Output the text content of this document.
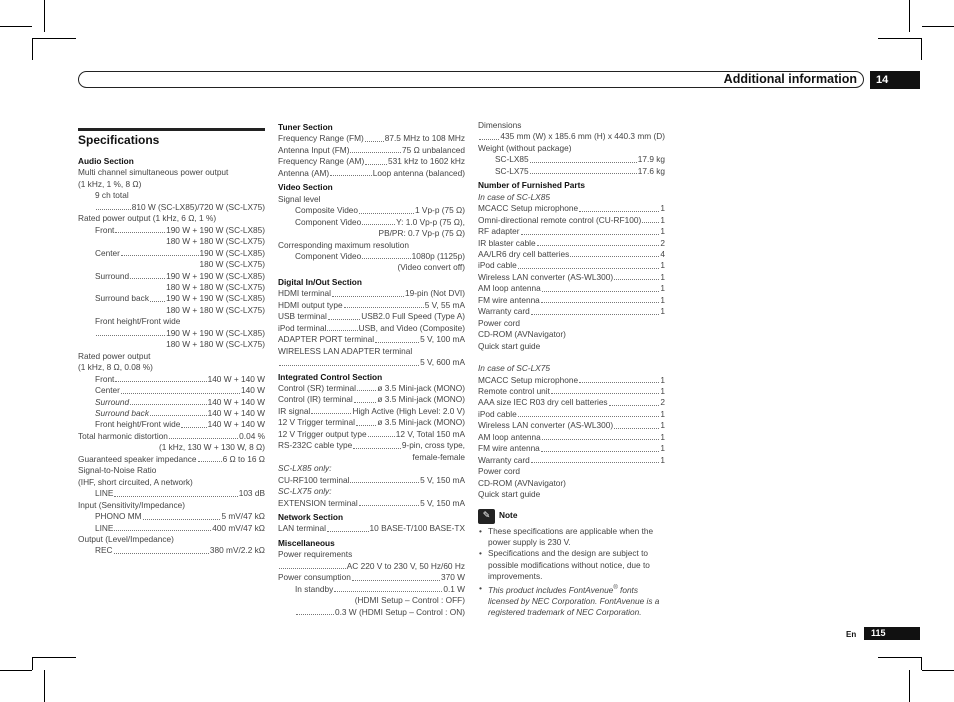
Additional information	14
Specifications
Audio Section
Multi channel simultaneous power output
(1 kHz, 1 %, 8 Ω)
9 ch total
810 W (SC-LX85)/720 W (SC-LX75)
Rated power output (1 kHz, 6 Ω, 1 %)
Front	190 W + 190 W (SC-LX85)
180 W + 180 W (SC-LX75)
Center	190 W (SC-LX85)
180 W (SC-LX75)
Surround	190 W + 190 W (SC-LX85)
180 W + 180 W (SC-LX75)
Surround back 190 W + 190 W (SC-LX85)
180 W + 180 W (SC-LX75)
Front height/Front wide
190 W + 190 W (SC-LX85)
180 W + 180 W (SC-LX75)
Rated power output
(1 kHz, 8 Ω, 0.08 %)
Front	140 W + 140 W
Center	140 W
Surround	140 W + 140 W
Surround back	140 W + 140 W
Front height/Front wide	140 W + 140 W
Total harmonic distortion	0.04 %
(1 kHz, 130 W + 130 W, 8 Ω)
Guaranteed speaker impedance	6 Ω to 16 Ω
Signal-to-Noise Ratio
(IHF, short circuited, A network)
LINE	103 dB
Input (Sensitivity/Impedance)
PHONO MM	5 mV/47 kΩ
LINE	400 mV/47 kΩ
Output (Level/Impedance)
REC	380 mV/2.2 kΩ
Tuner Section
Frequency Range (FM)	87.5 MHz to 108 MHz
Antenna Input (FM)	75 Ω unbalanced
Frequency Range (AM)	531 kHz to 1602 kHz
Antenna (AM)	Loop antenna (balanced)
Video Section
Signal level
Composite Video	1 Vp-p (75 Ω)
Component Video	Y: 1.0 Vp-p (75 Ω),
PB/PR: 0.7 Vp-p (75 Ω)
Corresponding maximum resolution
Component Video	1080p (1125p)
(Video convert off)
Digital In/Out Section
HDMI terminal	19-pin (Not DVI)
HDMI output type	5 V, 55 mA
USB terminal	USB2.0 Full Speed (Type A)
iPod terminal	USB, and Video (Composite)
ADAPTER PORT terminal	5 V, 100 mA
WIRELESS LAN ADAPTER terminal
5 V, 600 mA
Integrated Control Section
Control (SR) terminal	ø 3.5 Mini-jack (MONO)
Control (IR) terminal	ø 3.5 Mini-jack (MONO)
IR signal	High Active (High Level: 2.0 V)
12 V Trigger terminal	ø 3.5 Mini-jack (MONO)
12 V Trigger output type	12 V, Total 150 mA
RS-232C cable type	9-pin, cross type,
female-female
SC-LX85 only:
CU-RF100 terminal	5 V, 150 mA
SC-LX75 only:
EXTENSION terminal	5 V, 150 mA
Network Section
LAN terminal	10 BASE-T/100 BASE-TX
Miscellaneous
Power requirements
AC 220 V to 230 V, 50 Hz/60 Hz
Power consumption	370 W
In standby	0.1 W
(HDMI Setup – Control : OFF)
0.3 W (HDMI Setup – Control : ON)
Dimensions
435 mm (W) x 185.6 mm (H) x 440.3 mm (D)
Weight (without package)
SC-LX85	17.9 kg
SC-LX75	17.6 kg
Number of Furnished Parts
In case of SC-LX85
MCACC Setup microphone	1
Omni-directional remote control (CU-RF100) 1
RF adapter	1
IR blaster cable	2
AA/LR6 dry cell batteries	4
iPod cable	1
Wireless LAN converter (AS-WL300)	1
AM loop antenna	1
FM wire antenna	1
Warranty card	1
Power cord
CD-ROM (AVNavigator)
Quick start guide
In case of SC-LX75
MCACC Setup microphone	1
Remote control unit	1
AAA size IEC R03 dry cell batteries	2
iPod cable	1
Wireless LAN converter (AS-WL300)	1
AM loop antenna	1
FM wire antenna	1
Warranty card	1
Power cord
CD-ROM (AVNavigator)
Quick start guide
✎	Note
• These specifications are applicable when the power supply is 230 V.
• Specifications and the design are subject to possible modifications without notice, due to improvements.
• This product includes FontAvenue® fonts licensed by NEC Corporation. FontAvenue is a registered trademark of NEC Corporation.
En	115
